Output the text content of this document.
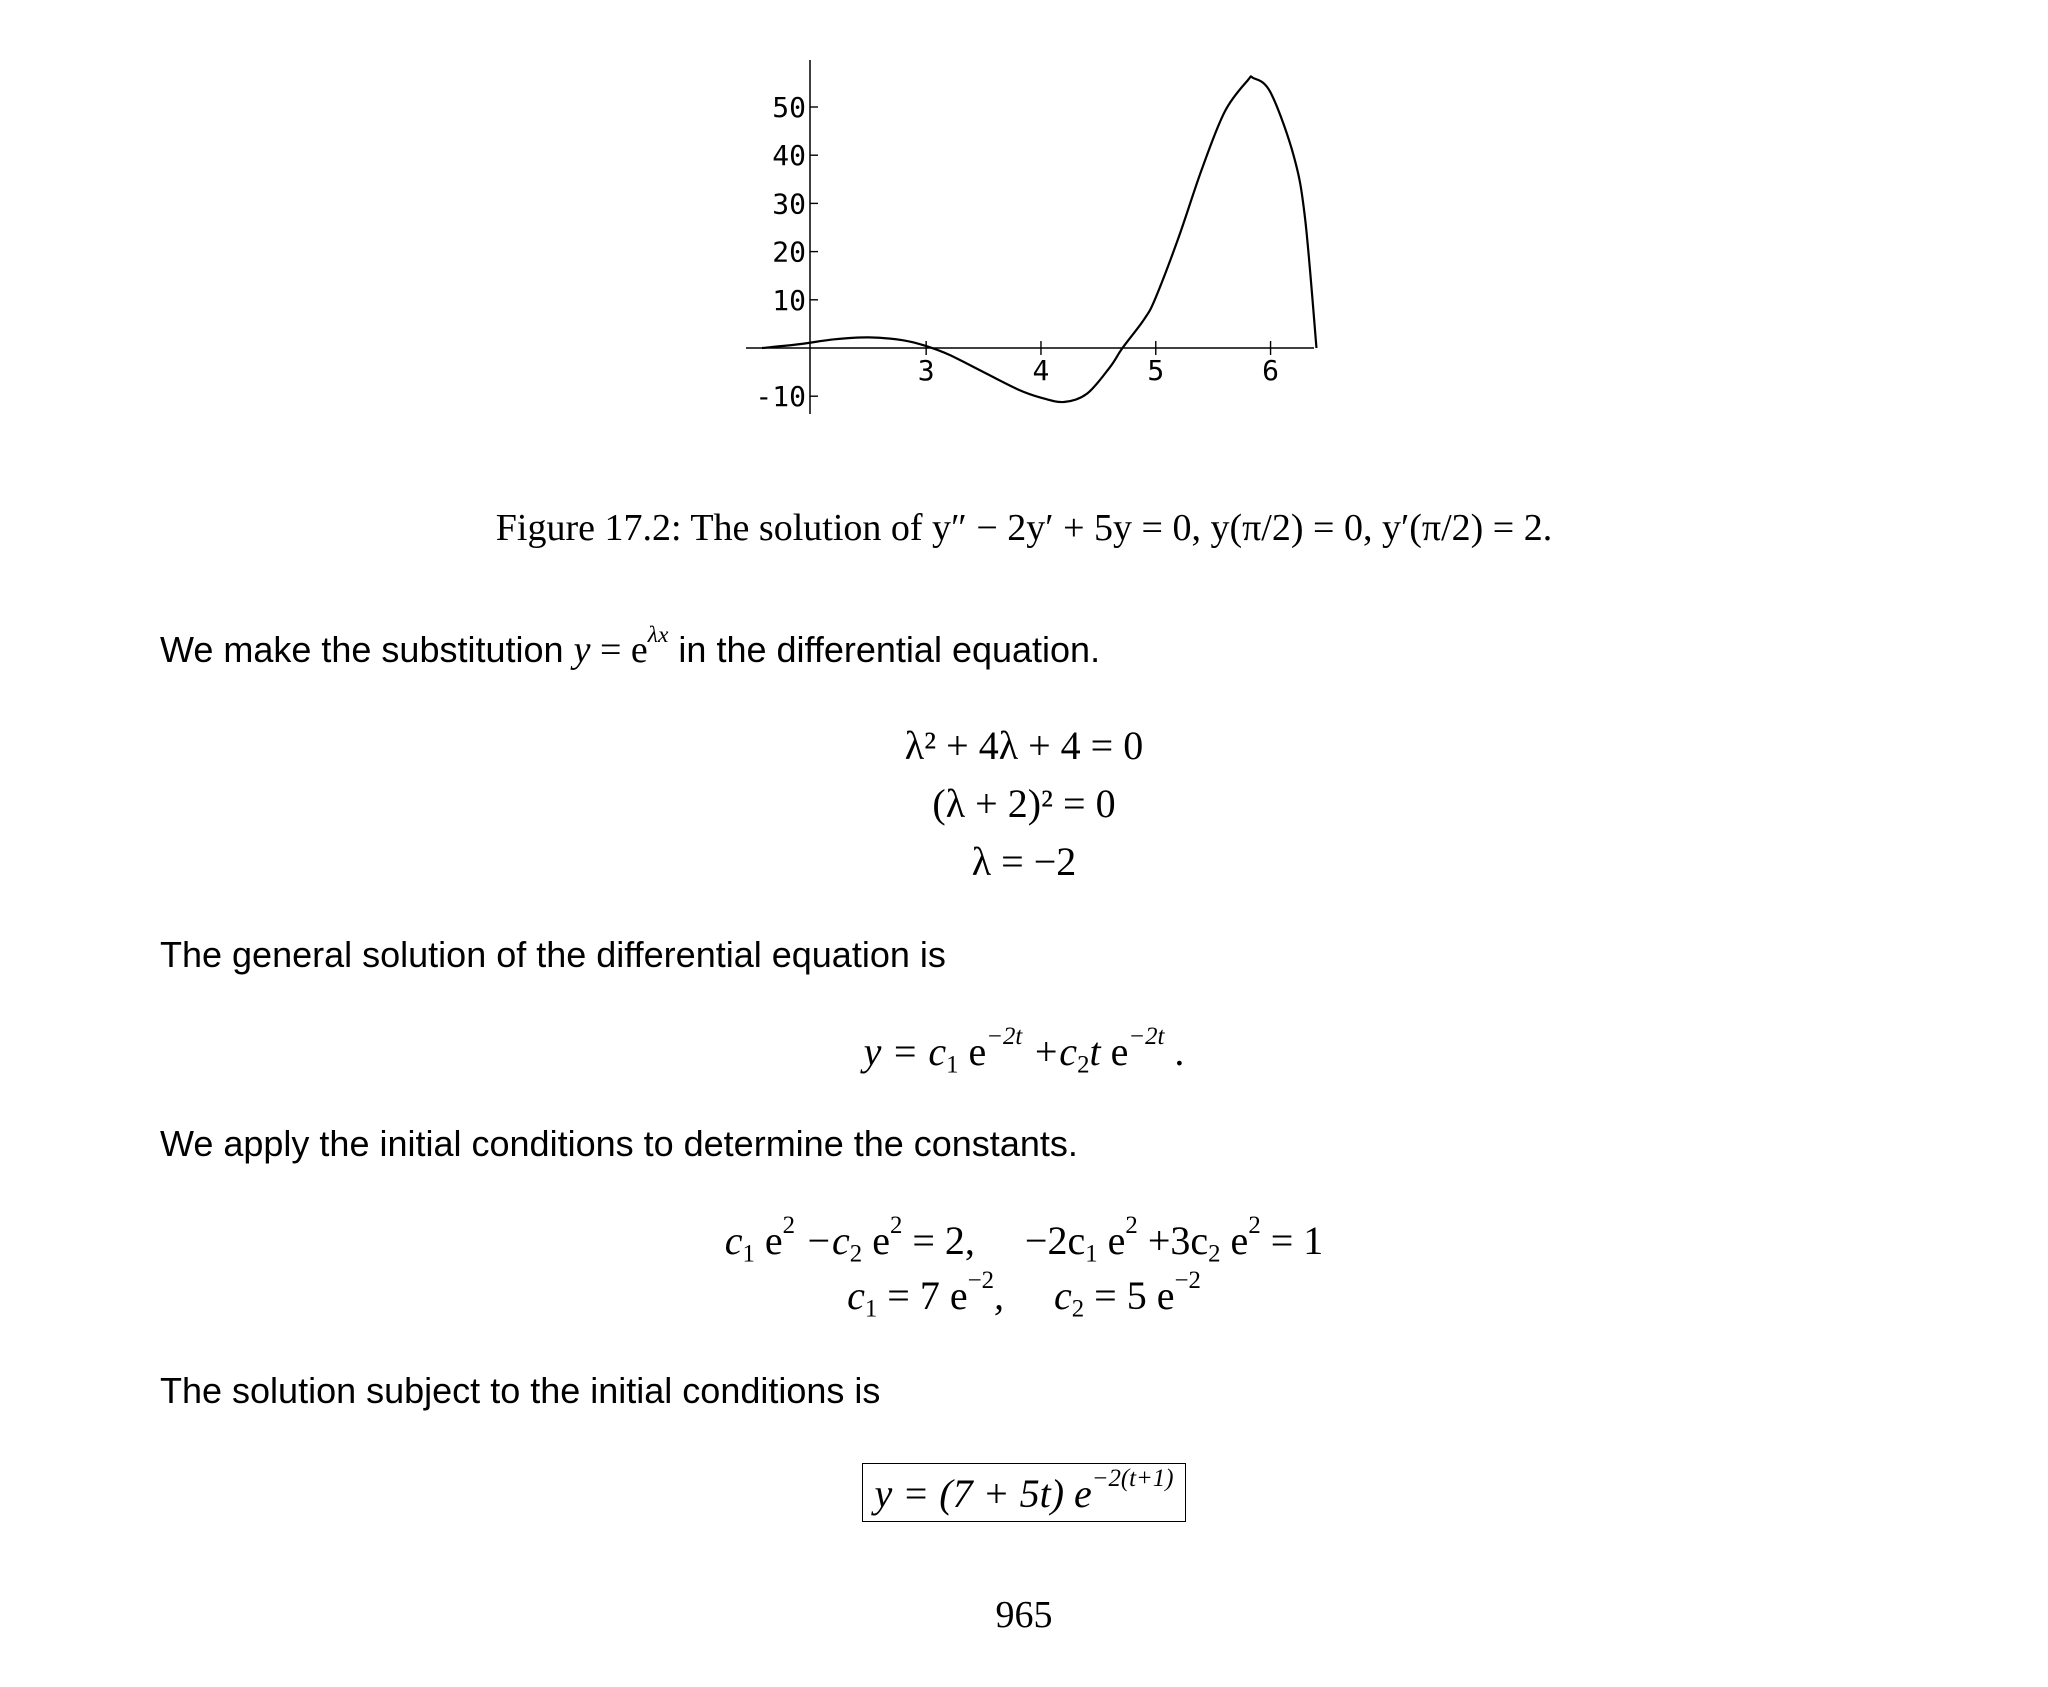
3	4	5	6
50
40
30
20
10
-10
Figure 17.2: The solution of y″ − 2y′ + 5y = 0, y(π/2) = 0, y′(π/2) = 2.
We make the substitution $y = e^{\lambda x}$ in the differential equation.
λ² + 4λ + 4 = 0
(λ + 2)² = 0
λ = −2
The general solution of the differential equation is
$y = c_1$ $e^{-2t} +c_2t$ $e^{-2t}$ .
We apply the initial conditions to determine the constants.
$c_1$ $e^2 -c_2$ $e^2 = 2$,     $-2c_1$ $e^2 +3c_2$ $e^2 = 1$
$c_1 = 7$ $e^{-2}$,     $c_2 = 5$ $e^{-2}$
The solution subject to the initial conditions is
y = (7 + 5t) $e^{-2(t+1)}$
965
